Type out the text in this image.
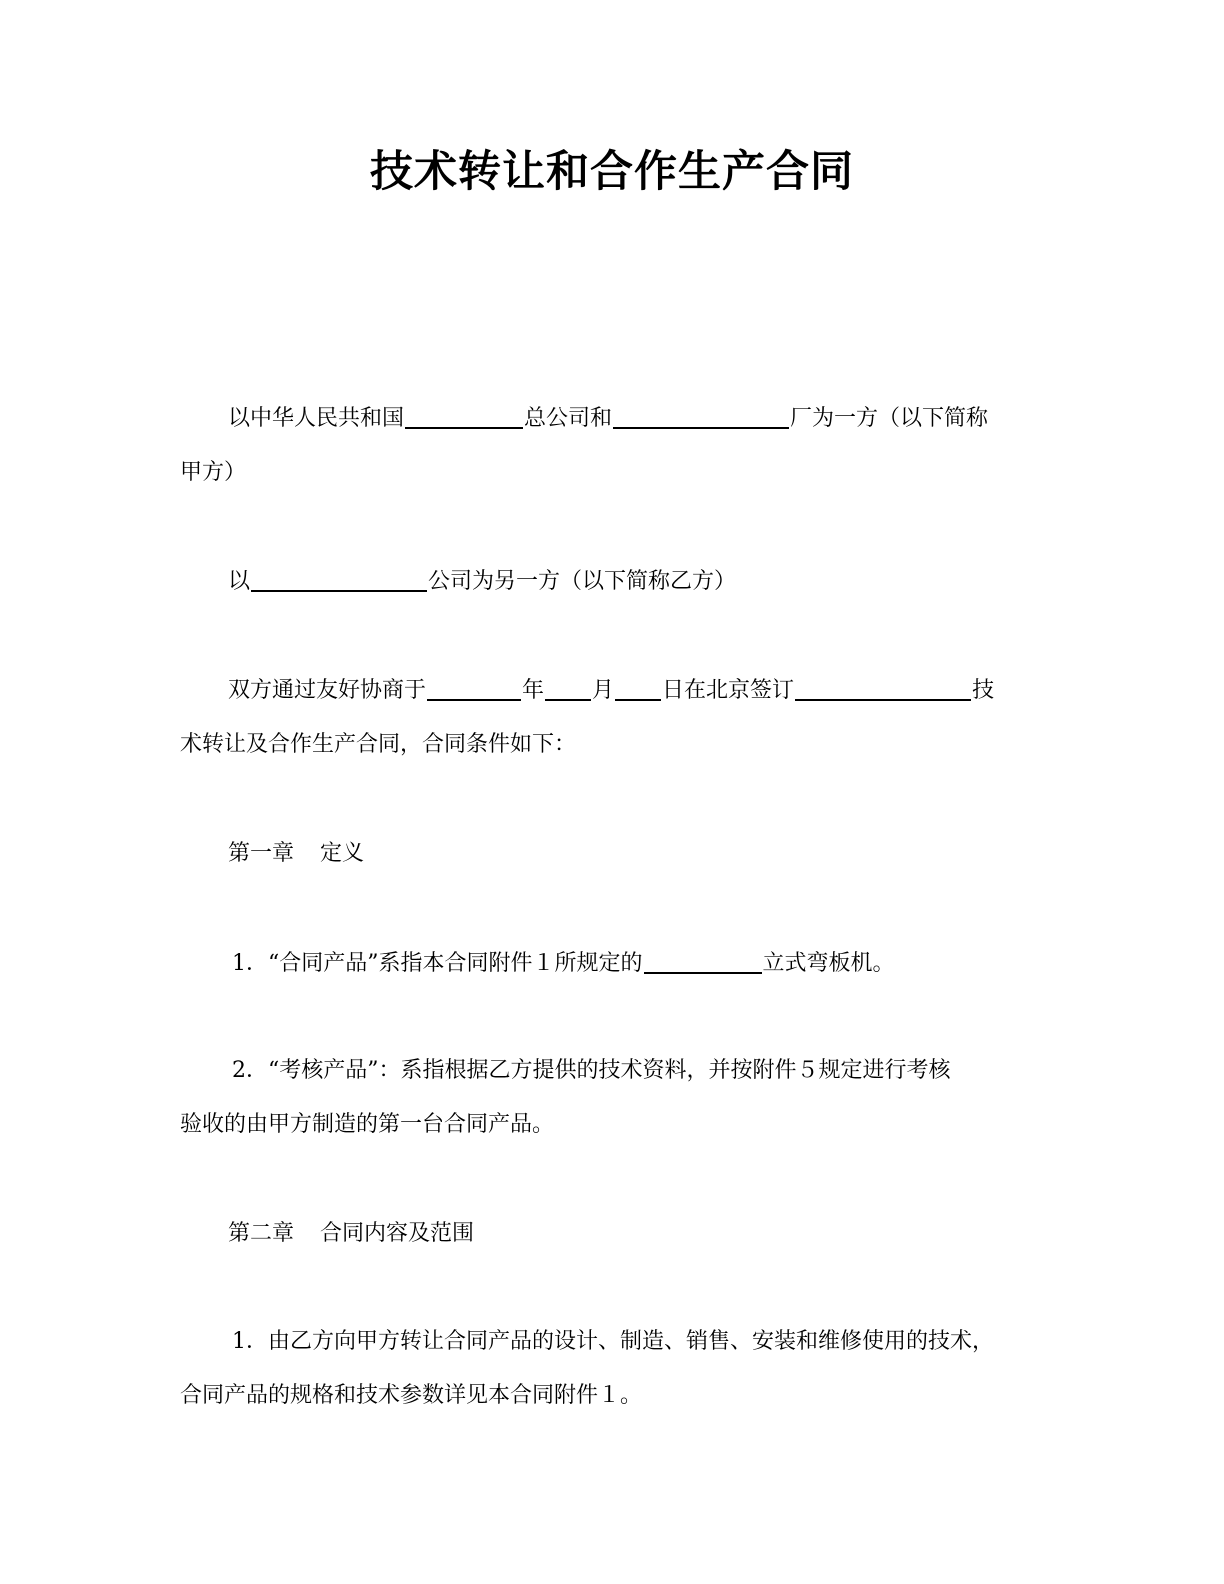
技术转让和合作生产合同
以中华人民共和国	总公司和	厂为一方（以下简称
甲方）
以	公司为另一方（以下简称乙方）
双方通过友好协商于	年 月 日在北京签订	技
术转让及合作生产合同，合同条件如下：
第一章 定义
1．“合同产品”系指本合同附件１所规定的	立式弯板机。
2．“考核产品”：系指根据乙方提供的技术资料，并按附件５规定进行考核
验收的由甲方制造的第一台合同产品。
第二章 合同内容及范围
1．由乙方向甲方转让合同产品的设计、制造、销售、安装和维修使用的技术，
合同产品的规格和技术参数详见本合同附件１。
